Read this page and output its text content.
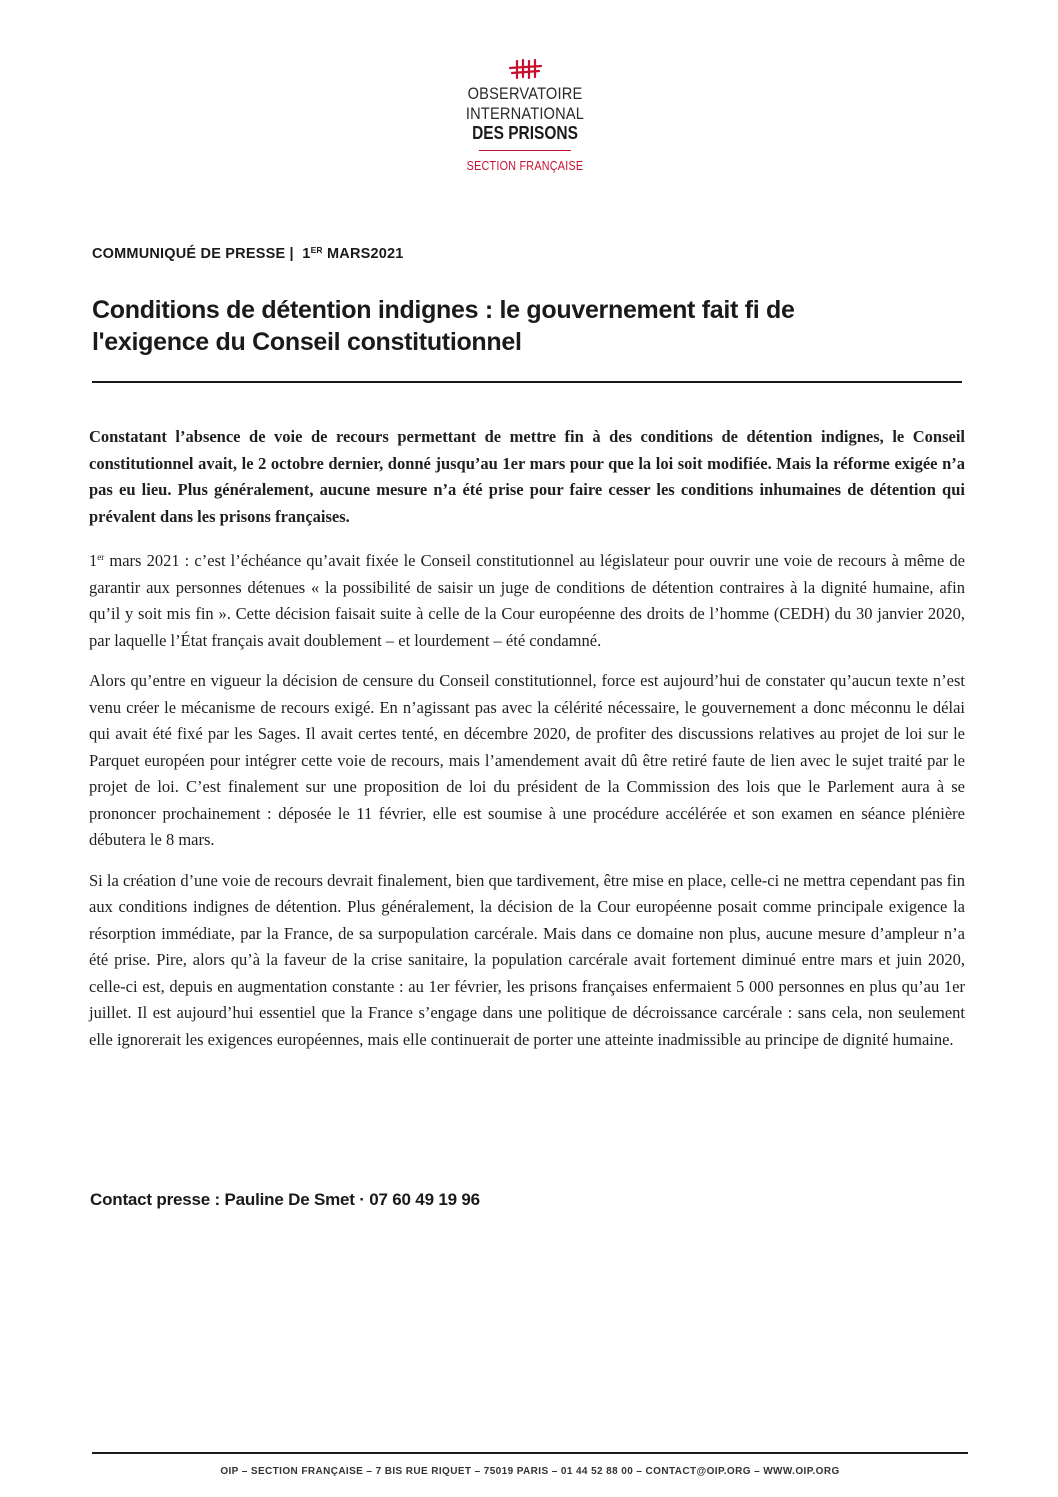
OBSERVATOIRE INTERNATIONAL
DES PRISONS
SECTION FRANÇAISE
COMMUNIQUÉ DE PRESSE | 1ER MARS2021
Conditions de détention indignes : le gouvernement fait fi de
l'exigence du Conseil constitutionnel

Constatant l’absence de voie de recours permettant de mettre fin à des conditions de détention indignes, le Conseil constitutionnel avait, le 2 octobre dernier, donné jusqu’au 1er mars pour que la loi soit modifiée. Mais la réforme exigée n’a pas eu lieu. Plus généralement, aucune mesure n’a été prise pour faire cesser les conditions inhumaines de détention qui prévalent dans les prisons françaises.

1er mars 2021 : c’est l’échéance qu’avait fixée le Conseil constitutionnel au législateur pour ouvrir une voie de recours à même de garantir aux personnes détenues « la possibilité de saisir un juge de conditions de détention contraires à la dignité humaine, afin qu’il y soit mis fin ». Cette décision faisait suite à celle de la Cour européenne des droits de l’homme (CEDH) du 30 janvier 2020, par laquelle l’État français avait doublement – et lourdement – été condamné.

Alors qu’entre en vigueur la décision de censure du Conseil constitutionnel, force est aujourd’hui de constater qu’aucun texte n’est venu créer le mécanisme de recours exigé. En n’agissant pas avec la célérité nécessaire, le gouvernement a donc méconnu le délai qui avait été fixé par les Sages. Il avait certes tenté, en décembre 2020, de profiter des discussions relatives au projet de loi sur le Parquet européen pour intégrer cette voie de recours, mais l’amendement avait dû être retiré faute de lien avec le sujet traité par le projet de loi. C’est finalement sur une proposition de loi du président de la Commission des lois que le Parlement aura à se prononcer prochainement : déposée le 11 février, elle est soumise à une procédure accélérée et son examen en séance plénière débutera le 8 mars.

Si la création d’une voie de recours devrait finalement, bien que tardivement, être mise en place, celle-ci ne mettra cependant pas fin aux conditions indignes de détention. Plus généralement, la décision de la Cour européenne posait comme principale exigence la résorption immédiate, par la France, de sa surpopulation carcérale. Mais dans ce domaine non plus, aucune mesure d’ampleur n’a été prise. Pire, alors qu’à la faveur de la crise sanitaire, la population carcérale avait fortement diminué entre mars et juin 2020, celle-ci est, depuis en augmentation constante : au 1er février, les prisons françaises enfermaient 5 000 personnes en plus qu’au 1er juillet. Il est aujourd’hui essentiel que la France s’engage dans une politique de décroissance carcérale : sans cela, non seulement elle ignorerait les exigences européennes, mais elle continuerait de porter une atteinte inadmissible au principe de dignité humaine.

Contact presse : Pauline De Smet · 07 60 49 19 96
OIP – SECTION FRANÇAISE – 7 BIS RUE RIQUET – 75019 PARIS – 01 44 52 88 00 – CONTACT@OIP.ORG – WWW.OIP.ORG
